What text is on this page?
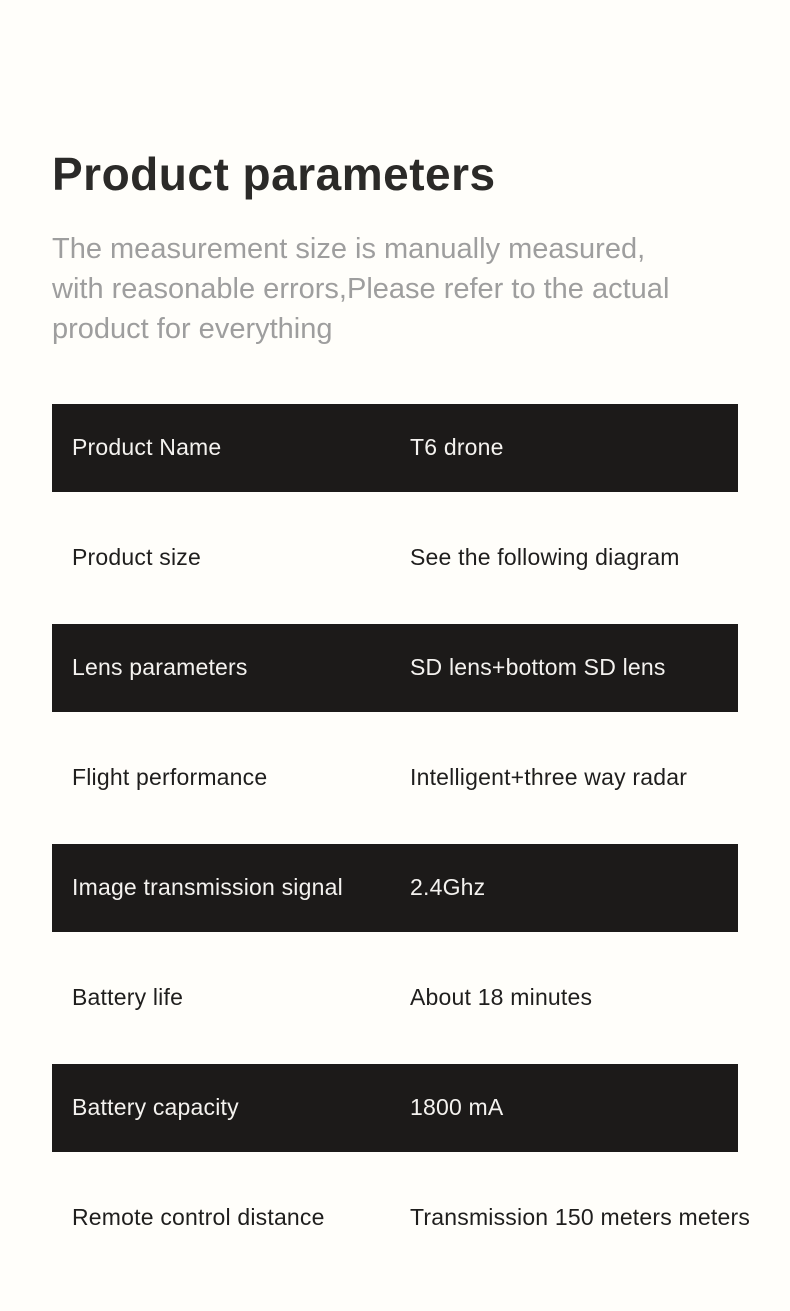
Product parameters
The measurement size is manually measured, with reasonable errors,Please refer to the actual product for everything
Product Name	T6 drone
Product size	See the following diagram
Lens parameters	SD lens+bottom SD lens
Flight performance	Intelligent+three way radar
Image transmission signal	2.4Ghz
Battery life	About 18 minutes
Battery capacity	1800 mA
Remote control distance	Transmission 150 meters meters
